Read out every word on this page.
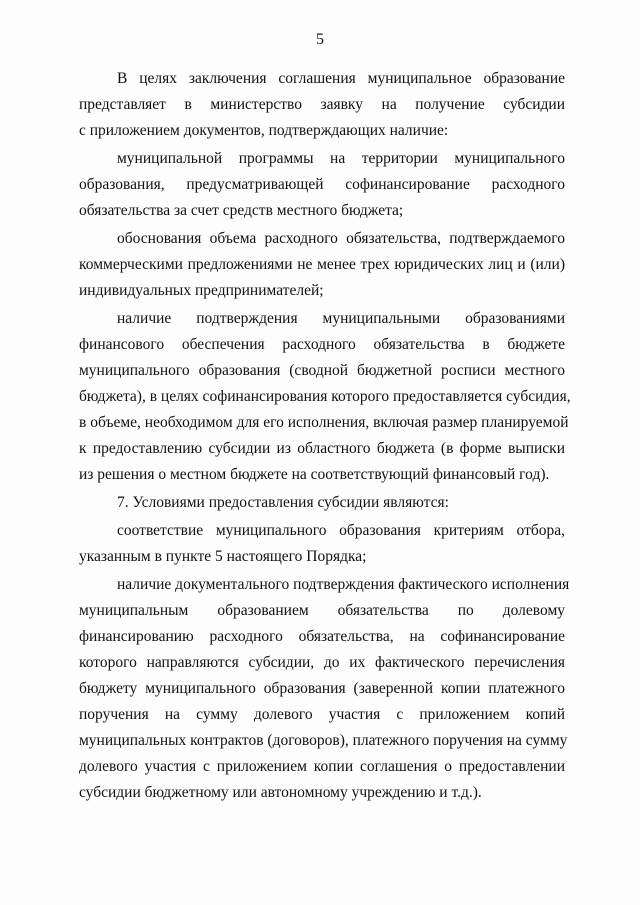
5

В целях заключения соглашения муниципальное образование
представляет в министерство заявку на получение субсидии
с приложением документов, подтверждающих наличие:

муниципальной программы на территории муниципального
образования, предусматривающей софинансирование расходного
обязательства за счет средств местного бюджета;

обоснования объема расходного обязательства, подтверждаемого
коммерческими предложениями не менее трех юридических лиц и (или)
индивидуальных предпринимателей;

наличие подтверждения муниципальными образованиями
финансового обеспечения расходного обязательства в бюджете
муниципального образования (сводной бюджетной росписи местного
бюджета), в целях софинансирования которого предоставляется субсидия,
в объеме, необходимом для его исполнения, включая размер планируемой
к предоставлению субсидии из областного бюджета (в форме выписки
из решения о местном бюджете на соответствующий финансовый год).

7. Условиями предоставления субсидии являются:

соответствие муниципального образования критериям отбора,
указанным в пункте 5 настоящего Порядка;

наличие документального подтверждения фактического исполнения
муниципальным образованием обязательства по долевому
финансированию расходного обязательства, на софинансирование
которого направляются субсидии, до их фактического перечисления
бюджету муниципального образования (заверенной копии платежного
поручения на сумму долевого участия с приложением копий
муниципальных контрактов (договоров), платежного поручения на сумму
долевого участия с приложением копии соглашения о предоставлении
субсидии бюджетному или автономному учреждению и т.д.).
